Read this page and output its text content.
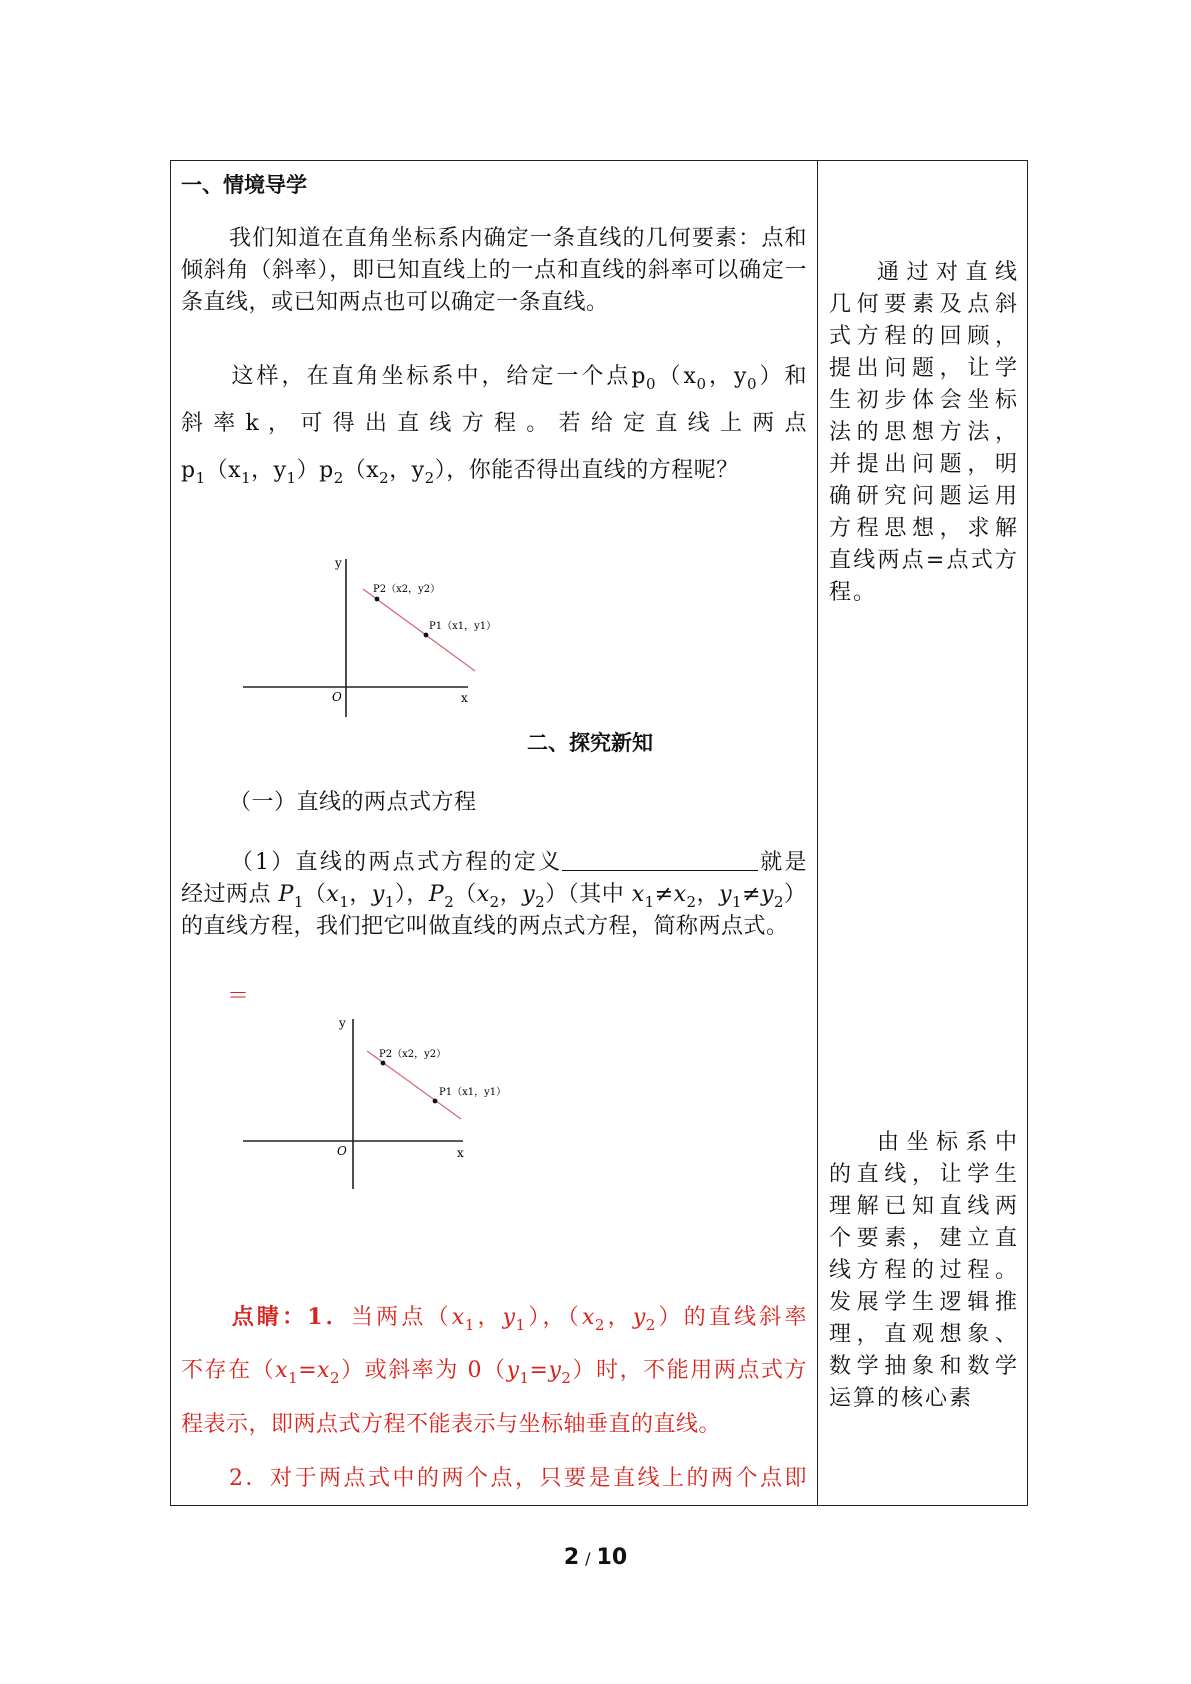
一、情境导学
我们知道在直角坐标系内确定一条直线的几何要素：点和倾斜角（斜率），即已知直线上的一点和直线的斜率可以确定一条直线，或已知两点也可以确定一条直线。
这样，在直角坐标系中，给定一个点$p_0(x_0$，$y_0$）和
斜 率 k ， 可 得 出 直 线 方 程 。 若 给 定 直 线 上 两 点
$p_1(x_1$，$y_1)p_2(x_2$，$y_2$），你能否得出直线的方程呢？
y
x
O
P2（x2，y2）
P1（x1，y1）
二、探究新知
（一）直线的两点式方程
（1）直线的两点式方程的定义	就是
经过两点 $P_1(x_1$，$y_1$），$P_2(x_2$，$y_2$）（其中 $x_1\ne x_2$，$y_1\ne y_2$）
的直线方程，我们把它叫做直线的两点式方程，简称两点式。
＝
y
x
O
P2（x2，y2）
P1（x1，y1）
点睛：1．当两点（$x_1$，$y_1$），（$x_2$，$y_2$）的直线斜率
不存在$(x_1=x_2)$或斜率为 $0(y_1=y_2)$时，不能用两点式方
程表示，即两点式方程不能表示与坐标轴垂直的直线。
2．对于两点式中的两个点，只要是直线上的两个点即
通过对直线几何要素及点斜式方程的回顾，提出问题，让学生初步体会坐标法的思想方法，并提出问题，明确研究问题运用方程思想，求解直线两点=点式方程。
由坐标系中的直线，让学生理解已知直线两个要素，建立直线方程的过程。发展学生逻辑推理，直观想象、数学抽象和数学运算的核心素
2 / 10
